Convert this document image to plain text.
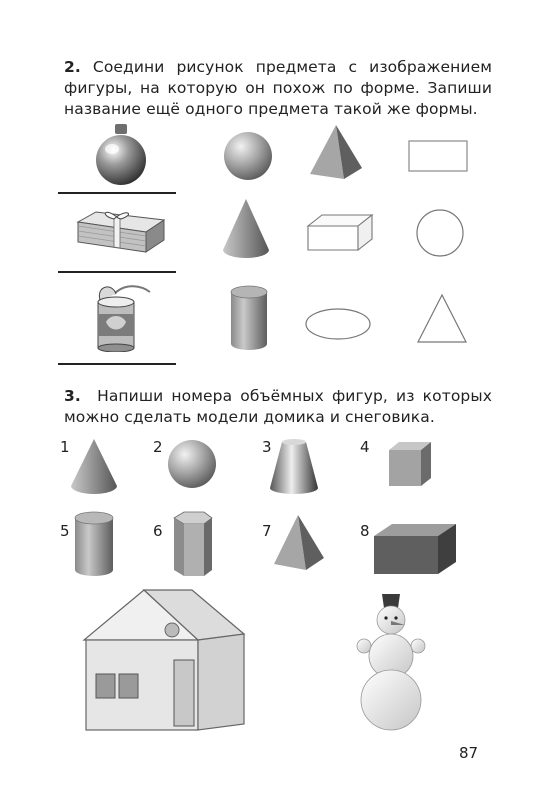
2. Соедини рисунок предмета с изображением фигуры, на которую он похож по форме. Запиши название ещё одного предмета такой же формы.
3. Напиши номера объёмных фигур, из которых можно сделать модели домика и снеговика.
1	2	3	4
5	6	7	8
87
